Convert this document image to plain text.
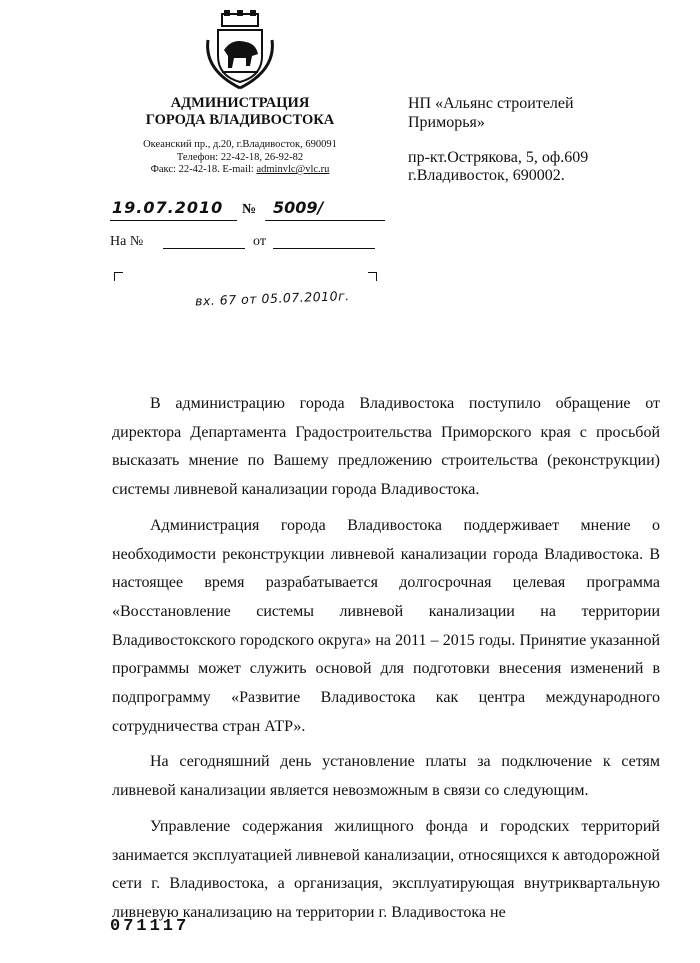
АДМИНИСТРАЦИЯ
ГОРОДА ВЛАДИВОСТОКА
Океанский пр., д.20, г.Владивосток, 690091
Телефон: 22-42-18, 26-92-82
Факс: 22-42-18. E-mail: adminvlc@vlc.ru
НП «Альянс строителей
Приморья»
пр-кт.Острякова, 5, оф.609
г.Владивосток, 690002.
19.07.2010	№	5009/
На №	от
вх. 67 от 05.07.2010г.

В администрацию города Владивостока поступило обращение от директора Департамента Градостроительства Приморского края с просьбой высказать мнение по Вашему предложению строительства (реконструкции) системы ливневой канализации города Владивостока.

Администрация города Владивостока поддерживает мнение о необходимости реконструкции ливневой канализации города Владивостока. В настоящее время разрабатывается долгосрочная целевая программа «Восстановление системы ливневой канализации на территории Владивостокского городского округа» на 2011 – 2015 годы. Принятие указанной программы может служить основой для подготовки внесения изменений в подпрограмму «Развитие Владивостока как центра международного сотрудничества стран АТР».

На сегодняшний день установление платы за подключение к сетям ливневой канализации является невозможным в связи со следующим.

Управление содержания жилищного фонда и городских территорий занимается эксплуатацией ливневой канализации, относящихся к автодорожной сети г. Владивостока, а организация, эксплуатирующая внутриквартальную ливневую канализацию на территории г. Владивостока не

071117
